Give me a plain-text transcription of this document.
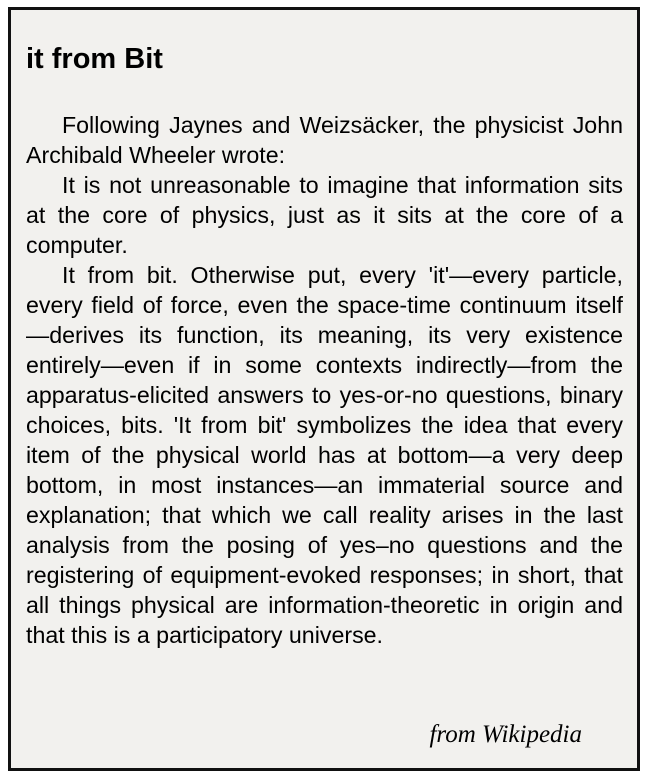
it from Bit

Following Jaynes and Weizsäcker, the physicist John Archibald Wheeler wrote:

It is not unreasonable to imagine that information sits at the core of physics, just as it sits at the core of a computer.

It from bit. Otherwise put, every 'it'—every particle, every field of force, even the space-time continuum itself—derives its function, its meaning, its very existence entirely—even if in some contexts indirectly—from the apparatus-elicited answers to yes-or-no questions, binary choices, bits. 'It from bit' symbolizes the idea that every item of the physical world has at bottom—a very deep bottom, in most instances—an immaterial source and explanation; that which we call reality arises in the last analysis from the posing of yes–no questions and the registering of equipment-evoked responses; in short, that all things physical are information-theoretic in origin and that this is a participatory universe.

from Wikipedia
